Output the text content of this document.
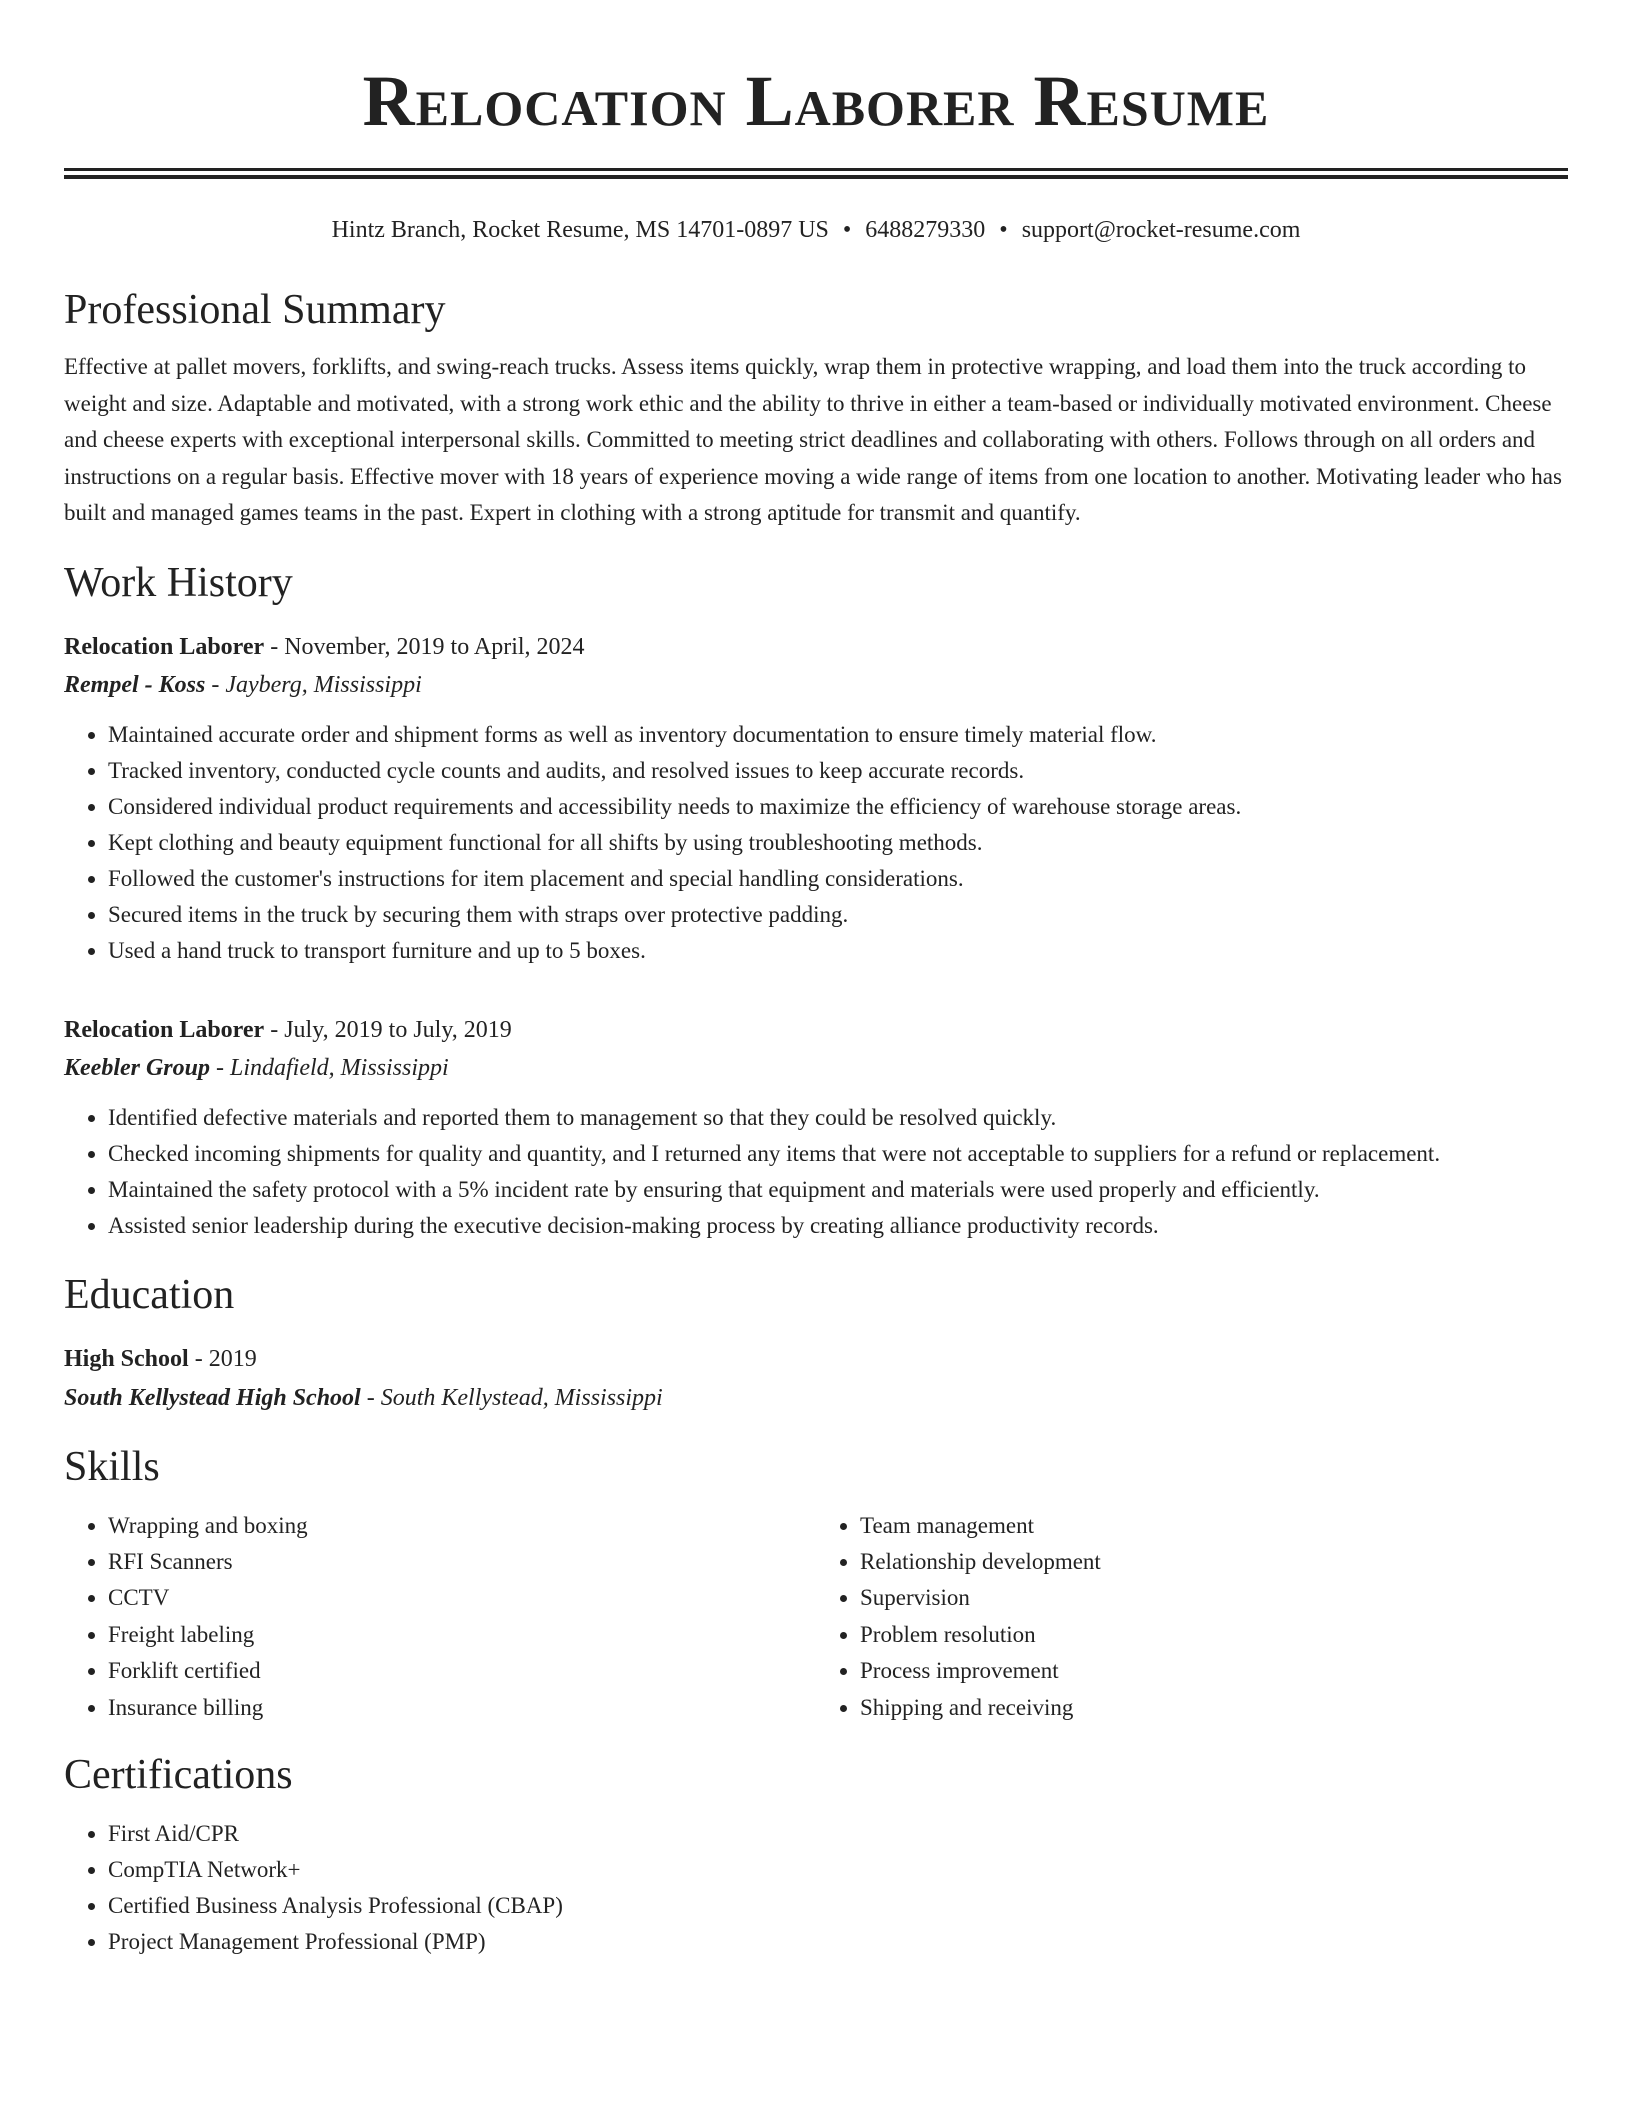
Relocation Laborer Resume
Hintz Branch, Rocket Resume, MS 14701-0897 US • 6488279330 • support@rocket-resume.com
Professional Summary
Effective at pallet movers, forklifts, and swing-reach trucks. Assess items quickly, wrap them in protective wrapping, and load them into the truck according to weight and size. Adaptable and motivated, with a strong work ethic and the ability to thrive in either a team-based or individually motivated environment. Cheese and cheese experts with exceptional interpersonal skills. Committed to meeting strict deadlines and collaborating with others. Follows through on all orders and instructions on a regular basis. Effective mover with 18 years of experience moving a wide range of items from one location to another. Motivating leader who has built and managed games teams in the past. Expert in clothing with a strong aptitude for transmit and quantify.
Work History
Relocation Laborer - November, 2019 to April, 2024
Rempel - Koss - Jayberg, Mississippi
• Maintained accurate order and shipment forms as well as inventory documentation to ensure timely material flow.
• Tracked inventory, conducted cycle counts and audits, and resolved issues to keep accurate records.
• Considered individual product requirements and accessibility needs to maximize the efficiency of warehouse storage areas.
• Kept clothing and beauty equipment functional for all shifts by using troubleshooting methods.
• Followed the customer's instructions for item placement and special handling considerations.
• Secured items in the truck by securing them with straps over protective padding.
• Used a hand truck to transport furniture and up to 5 boxes.
Relocation Laborer - July, 2019 to July, 2019
Keebler Group - Lindafield, Mississippi
• Identified defective materials and reported them to management so that they could be resolved quickly.
• Checked incoming shipments for quality and quantity, and I returned any items that were not acceptable to suppliers for a refund or replacement.
• Maintained the safety protocol with a 5% incident rate by ensuring that equipment and materials were used properly and efficiently.
• Assisted senior leadership during the executive decision-making process by creating alliance productivity records.
Education
High School - 2019
South Kellystead High School - South Kellystead, Mississippi
Skills
• Wrapping and boxing
• RFI Scanners
• CCTV
• Freight labeling
• Forklift certified
• Insurance billing
• Team management
• Relationship development
• Supervision
• Problem resolution
• Process improvement
• Shipping and receiving
Certifications
• First Aid/CPR
• CompTIA Network+
• Certified Business Analysis Professional (CBAP)
• Project Management Professional (PMP)
